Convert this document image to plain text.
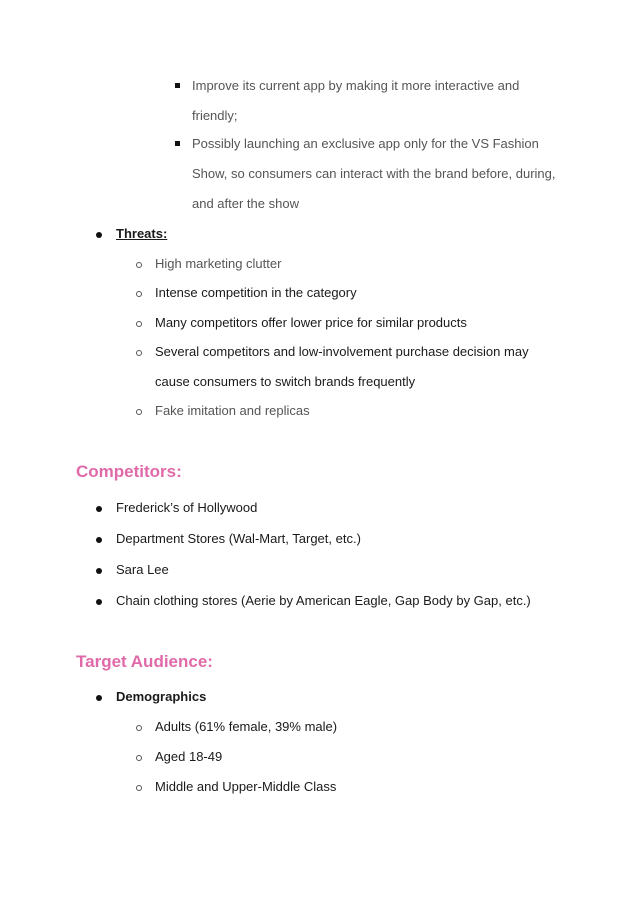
Improve its current app by making it more interactive and
friendly;
Possibly launching an exclusive app only for the VS Fashion
Show, so consumers can interact with the brand before, during,
and after the show
Threats:
High marketing clutter
Intense competition in the category
Many competitors offer lower price for similar products
Several competitors and low-involvement purchase decision may
cause consumers to switch brands frequently
Fake imitation and replicas
Competitors:
Frederick’s of Hollywood
Department Stores (Wal-Mart, Target, etc.)
Sara Lee
Chain clothing stores (Aerie by American Eagle, Gap Body by Gap, etc.)
Target Audience:
Demographics
Adults (61% female, 39% male)
Aged 18-49
Middle and Upper-Middle Class
